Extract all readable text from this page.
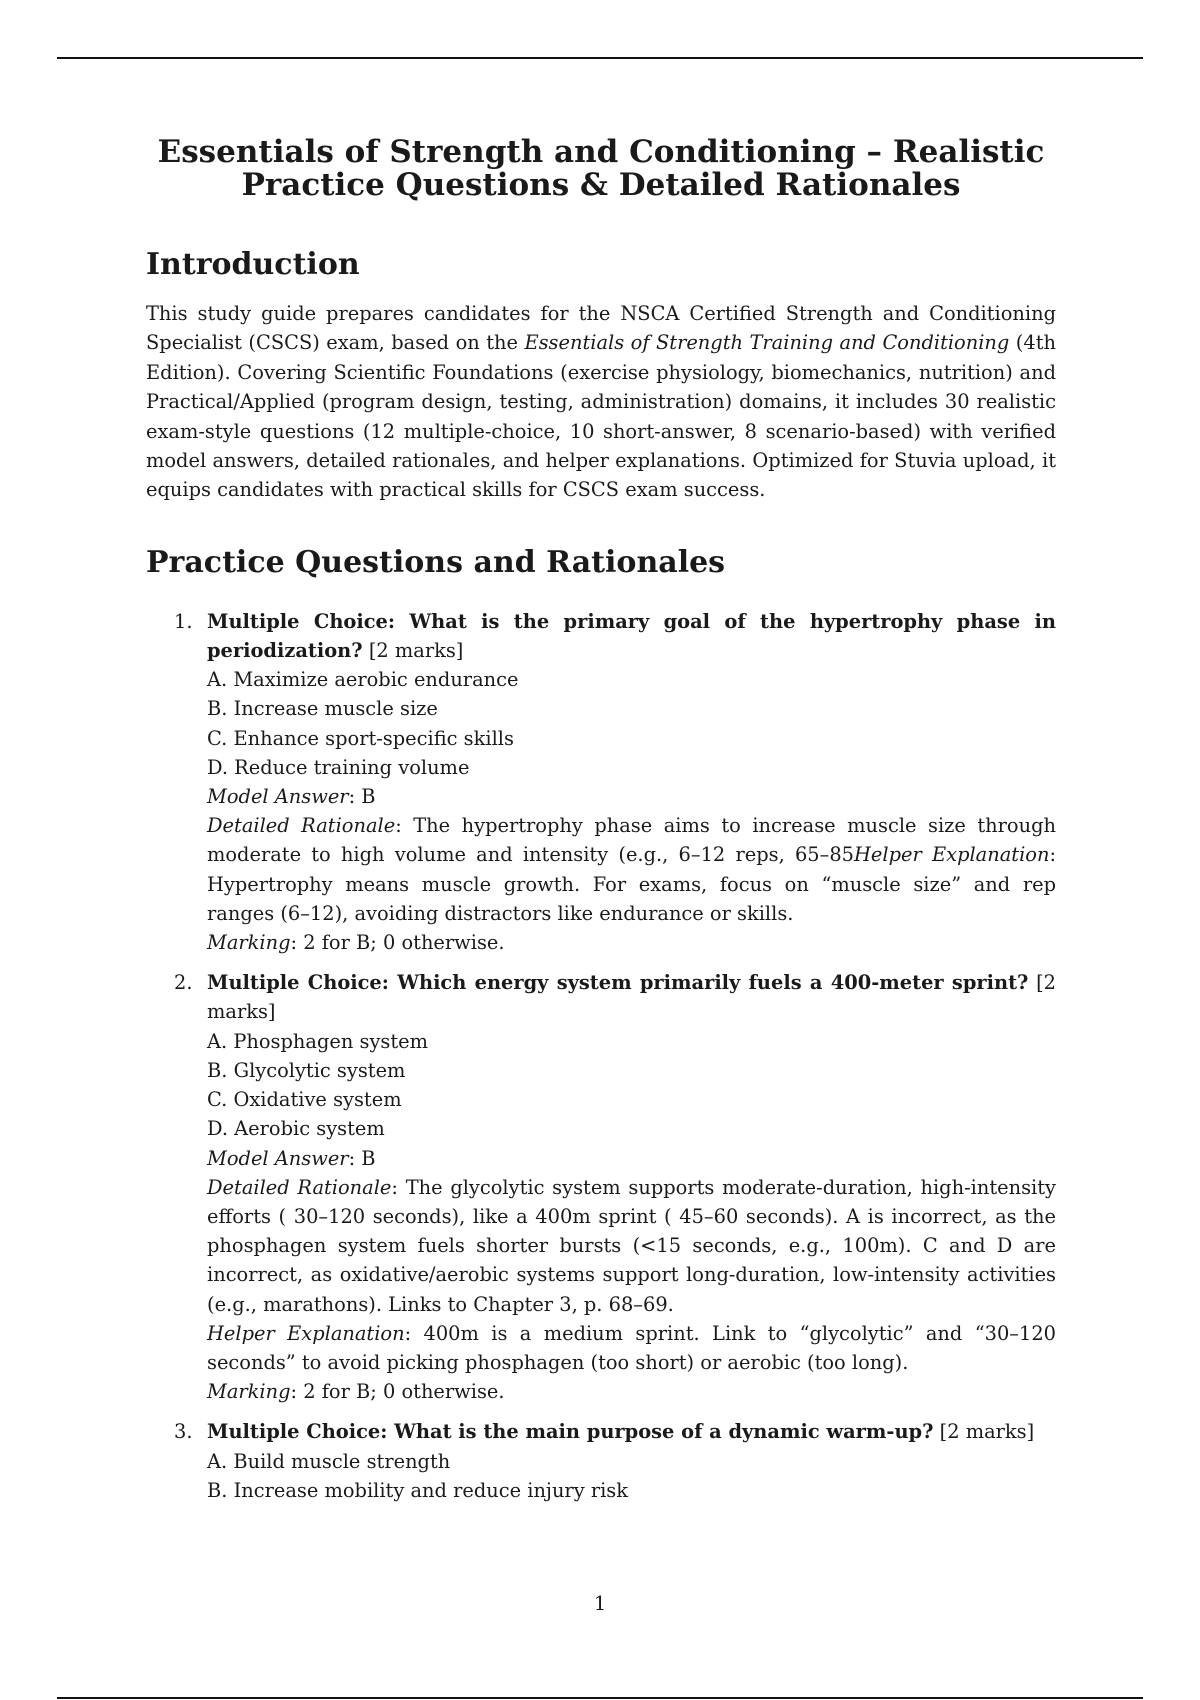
Essentials of Strength and Conditioning – Realistic Practice Questions & Detailed Rationales
Introduction

This study guide prepares candidates for the NSCA Certified Strength and Conditioning Specialist (CSCS) exam, based on the Essentials of Strength Training and Conditioning (4th Edition). Covering Scientific Foundations (exercise physiology, biomechanics, nutrition) and Practical/Applied (program design, testing, administration) domains, it includes 30 realistic exam-style questions (12 multiple-choice, 10 short-answer, 8 scenario-based) with verified model answers, detailed rationales, and helper explanations. Optimized for Stuvia upload, it equips candidates with practical skills for CSCS exam success.

Practice Questions and Rationales
1. Multiple Choice: What is the primary goal of the hypertrophy phase in periodization? [2 marks]
A. Maximize aerobic endurance
B. Increase muscle size
C. Enhance sport-specific skills
D. Reduce training volume
Model Answer: B
Detailed Rationale: The hypertrophy phase aims to increase muscle size through moderate to high volume and intensity (e.g., 6–12 reps, 65–85Helper Explanation: Hypertrophy means muscle growth. For exams, focus on “muscle size” and rep ranges (6–12), avoiding distractors like endurance or skills.
Marking: 2 for B; 0 otherwise.
2. Multiple Choice: Which energy system primarily fuels a 400-meter sprint? [2 marks]
A. Phosphagen system
B. Glycolytic system
C. Oxidative system
D. Aerobic system
Model Answer: B
Detailed Rationale: The glycolytic system supports moderate-duration, high-intensity efforts ( 30–120 seconds), like a 400m sprint ( 45–60 seconds). A is incorrect, as the phosphagen system fuels shorter bursts (<15 seconds, e.g., 100m). C and D are incorrect, as oxidative/aerobic systems support long-duration, low-intensity activities (e.g., marathons). Links to Chapter 3, p. 68–69.
Helper Explanation: 400m is a medium sprint. Link to “glycolytic” and “30–120 seconds” to avoid picking phosphagen (too short) or aerobic (too long).
Marking: 2 for B; 0 otherwise.
3. Multiple Choice: What is the main purpose of a dynamic warm-up? [2 marks]
A. Build muscle strength
B. Increase mobility and reduce injury risk
1
